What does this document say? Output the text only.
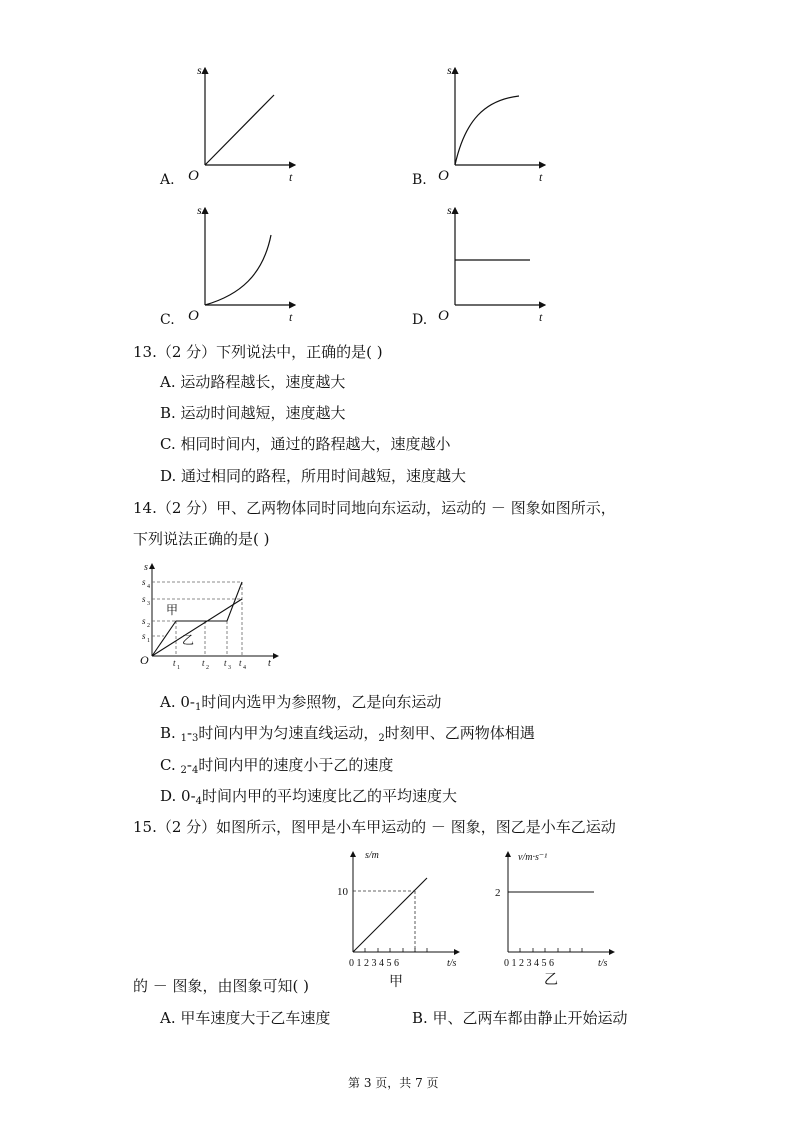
A.
s
t
O	B.
s
t
O
C.
s
t
O	D.
s
t
O
13.（2 分）下列说法中，正确的是( )
A. 运动路程越长，速度越大
B. 运动时间越短，速度越大
C. 相同时间内，通过的路程越大，速度越小
D. 通过相同的路程，所用时间越短，速度越大
14.（2 分）甲、乙两物体同时同地向东运动，运动的 － 图象如图所示，
下列说法正确的是( )
s
t
O
s 1
s 2
s 3
s 4
t 1 t 2 t 3 t 4
甲
乙
A. $0-_1$时间内选甲为参照物，乙是向东运动
B. $_1-_3$时间内甲为匀速直线运动，$_2$时刻甲、乙两物体相遇
C. $_2-_4$时间内甲的速度小于乙的速度
D. $0-_4$时间内甲的平均速度比乙的平均速度大
15.（2 分）如图所示，图甲是小车甲运动的 － 图象，图乙是小车乙运动
s/m
t/s
10
0 1 2 3 4 5 6
甲
v/m·s⁻¹
t/s
2
0 1 2 3 4 5 6
乙
的 － 图象，由图象可知( )
A. 甲车速度大于乙车速度	B. 甲、乙两车都由静止开始运动
第 3 页，共 7 页
